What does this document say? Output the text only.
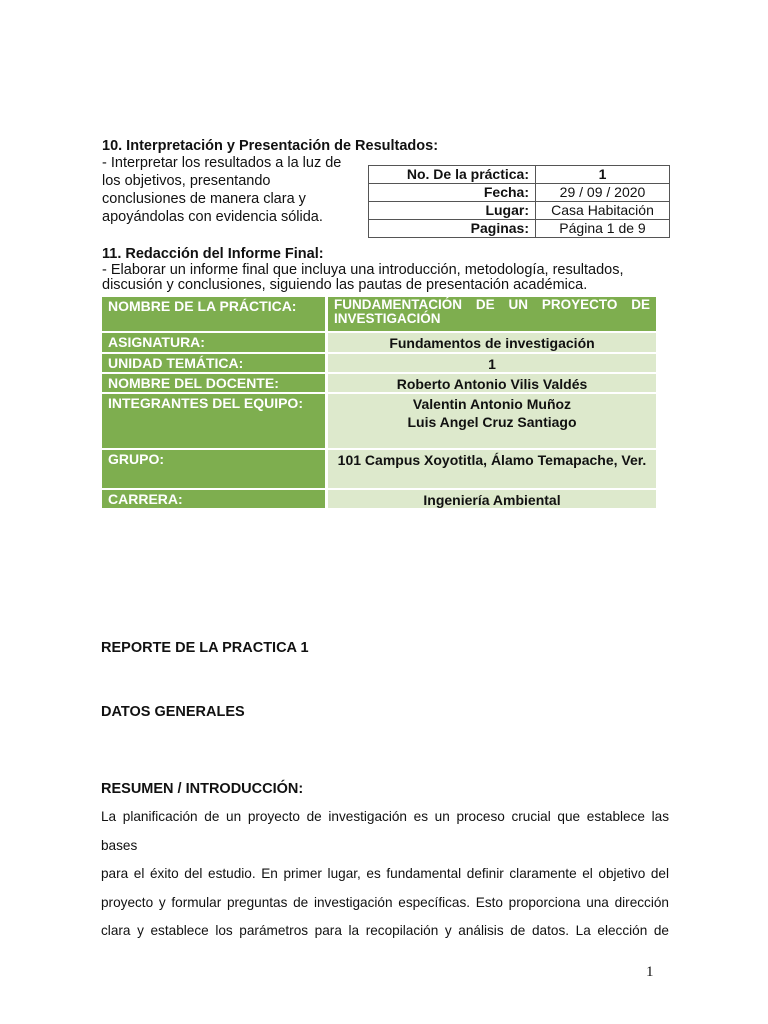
10. Interpretación y Presentación de Resultados:
- Interpretar los resultados a la luz de
los objetivos, presentando
conclusiones de manera clara y
apoyándolas con evidencia sólida.
No. De la práctica:	1
Fecha:	29 / 09 / 2020
Lugar:	Casa Habitación
Paginas:	Página 1 de 9
11. Redacción del Informe Final:
- Elaborar un informe final que incluya una introducción, metodología, resultados,
discusión y conclusiones, siguiendo las pautas de presentación académica.
NOMBRE DE LA PRÁCTICA:	FUNDAMENTACIÓN DE UN PROYECTO DE INVESTIGACIÓN
ASIGNATURA:	Fundamentos de investigación
UNIDAD TEMÁTICA:	1
NOMBRE DEL DOCENTE:	Roberto Antonio Vilis Valdés
INTEGRANTES DEL EQUIPO:	Valentin Antonio Muñoz
Luis Angel Cruz Santiago
GRUPO:	101 Campus Xoyotitla, Álamo Temapache, Ver.
CARRERA:	Ingeniería Ambiental
REPORTE DE LA PRACTICA 1
DATOS GENERALES
RESUMEN / INTRODUCCIÓN:
La planificación de un proyecto de investigación es un proceso crucial que establece las bases
para el éxito del estudio. En primer lugar, es fundamental definir claramente el objetivo del
proyecto y formular preguntas de investigación específicas. Esto proporciona una dirección
clara y establece los parámetros para la recopilación y análisis de datos. La elección de
1
